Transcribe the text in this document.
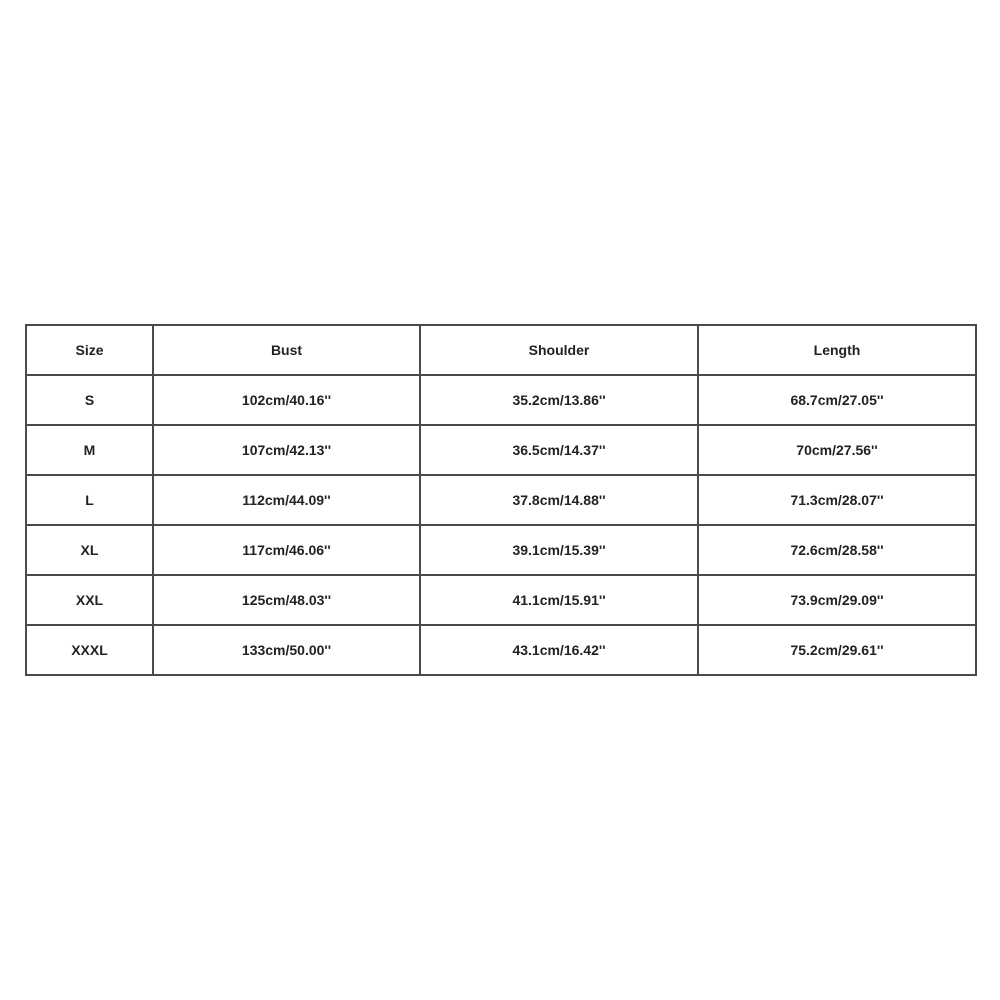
Size	Bust	Shoulder	Length
S	102cm/40.16''	35.2cm/13.86''	68.7cm/27.05''
M	107cm/42.13''	36.5cm/14.37''	70cm/27.56''
L	112cm/44.09''	37.8cm/14.88''	71.3cm/28.07''
XL	117cm/46.06''	39.1cm/15.39''	72.6cm/28.58''
XXL	125cm/48.03''	41.1cm/15.91''	73.9cm/29.09''
XXXL	133cm/50.00''	43.1cm/16.42''	75.2cm/29.61''
